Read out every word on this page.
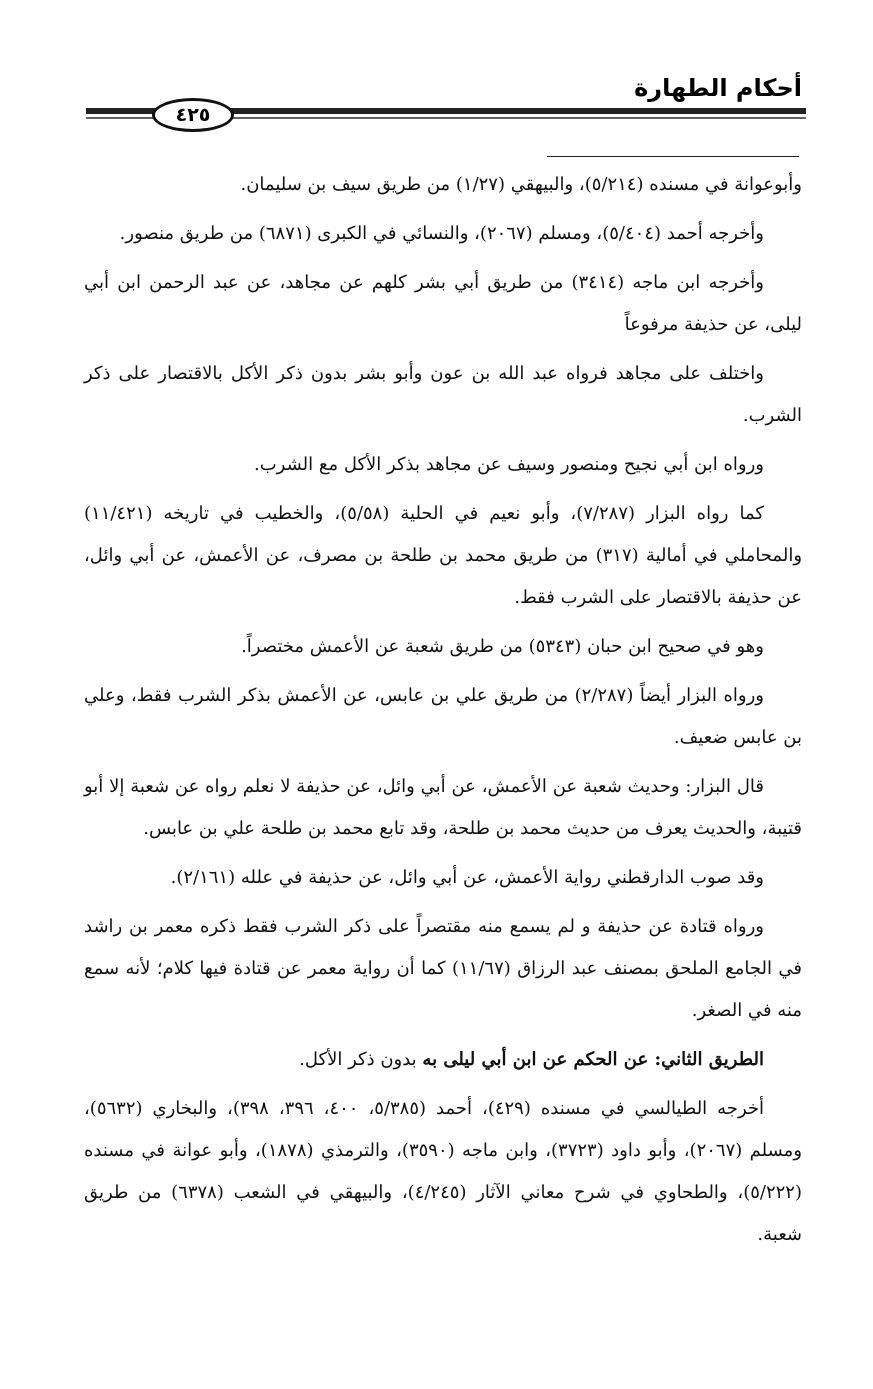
أحكام الطهارة
٤٢٥

وأبوعوانة في مسنده (٥/٢١٤)، والبيهقي (١/٢٧) من طريق سيف بن سليمان.

وأخرجه أحمد (٥/٤٠٤)، ومسلم (٢٠٦٧)، والنسائي في الكبرى (٦٨٧١) من طريق منصور.

وأخرجه ابن ماجه (٣٤١٤) من طريق أبي بشر كلهم عن مجاهد، عن عبد الرحمن ابن أبي ليلى، عن حذيفة مرفوعاً

واختلف على مجاهد فرواه عبد الله بن عون وأبو بشر بدون ذكر الأكل بالاقتصار على ذكر الشرب.

ورواه ابن أبي نجيح ومنصور وسيف عن مجاهد بذكر الأكل مع الشرب.

كما رواه البزار (٧/٢٨٧)، وأبو نعيم في الحلية (٥/٥٨)، والخطيب في تاريخه (١١/٤٢١) والمحاملي في أمالية (٣١٧) من طريق محمد بن طلحة بن مصرف، عن الأعمش، عن أبي وائل، عن حذيفة بالاقتصار على الشرب فقط.

وهو في صحيح ابن حبان (٥٣٤٣) من طريق شعبة عن الأعمش مختصراً.

ورواه البزار أيضاً (٢/٢٨٧) من طريق علي بن عابس، عن الأعمش بذكر الشرب فقط، وعلي بن عابس ضعيف.

قال البزار: وحديث شعبة عن الأعمش، عن أبي وائل، عن حذيفة لا نعلم رواه عن شعبة إلا أبو قتيبة، والحديث يعرف من حديث محمد بن طلحة، وقد تابع محمد بن طلحة علي بن عابس.

وقد صوب الدارقطني رواية الأعمش، عن أبي وائل، عن حذيفة في علله (٢/١٦١).

ورواه قتادة عن حذيفة و لم يسمع منه مقتصراً على ذكر الشرب فقط ذكره معمر بن راشد في الجامع الملحق بمصنف عبد الرزاق (١١/٦٧) كما أن رواية معمر عن قتادة فيها كلام؛ لأنه سمع منه في الصغر.

الطريق الثاني: عن الحكم عن ابن أبي ليلى به بدون ذكر الأكل.

أخرجه الطيالسي في مسنده (٤٢٩)، أحمد (٥/٣٨٥، ٤٠٠، ٣٩٦، ٣٩٨)، والبخاري (٥٦٣٢)، ومسلم (٢٠٦٧)، وأبو داود (٣٧٢٣)، وابن ماجه (٣٥٩٠)، والترمذي (١٨٧٨)، وأبو عوانة في مسنده (٥/٢٢٢)، والطحاوي في شرح معاني الآثار (٤/٢٤٥)، والبيهقي في الشعب (٦٣٧٨) من طريق شعبة.
